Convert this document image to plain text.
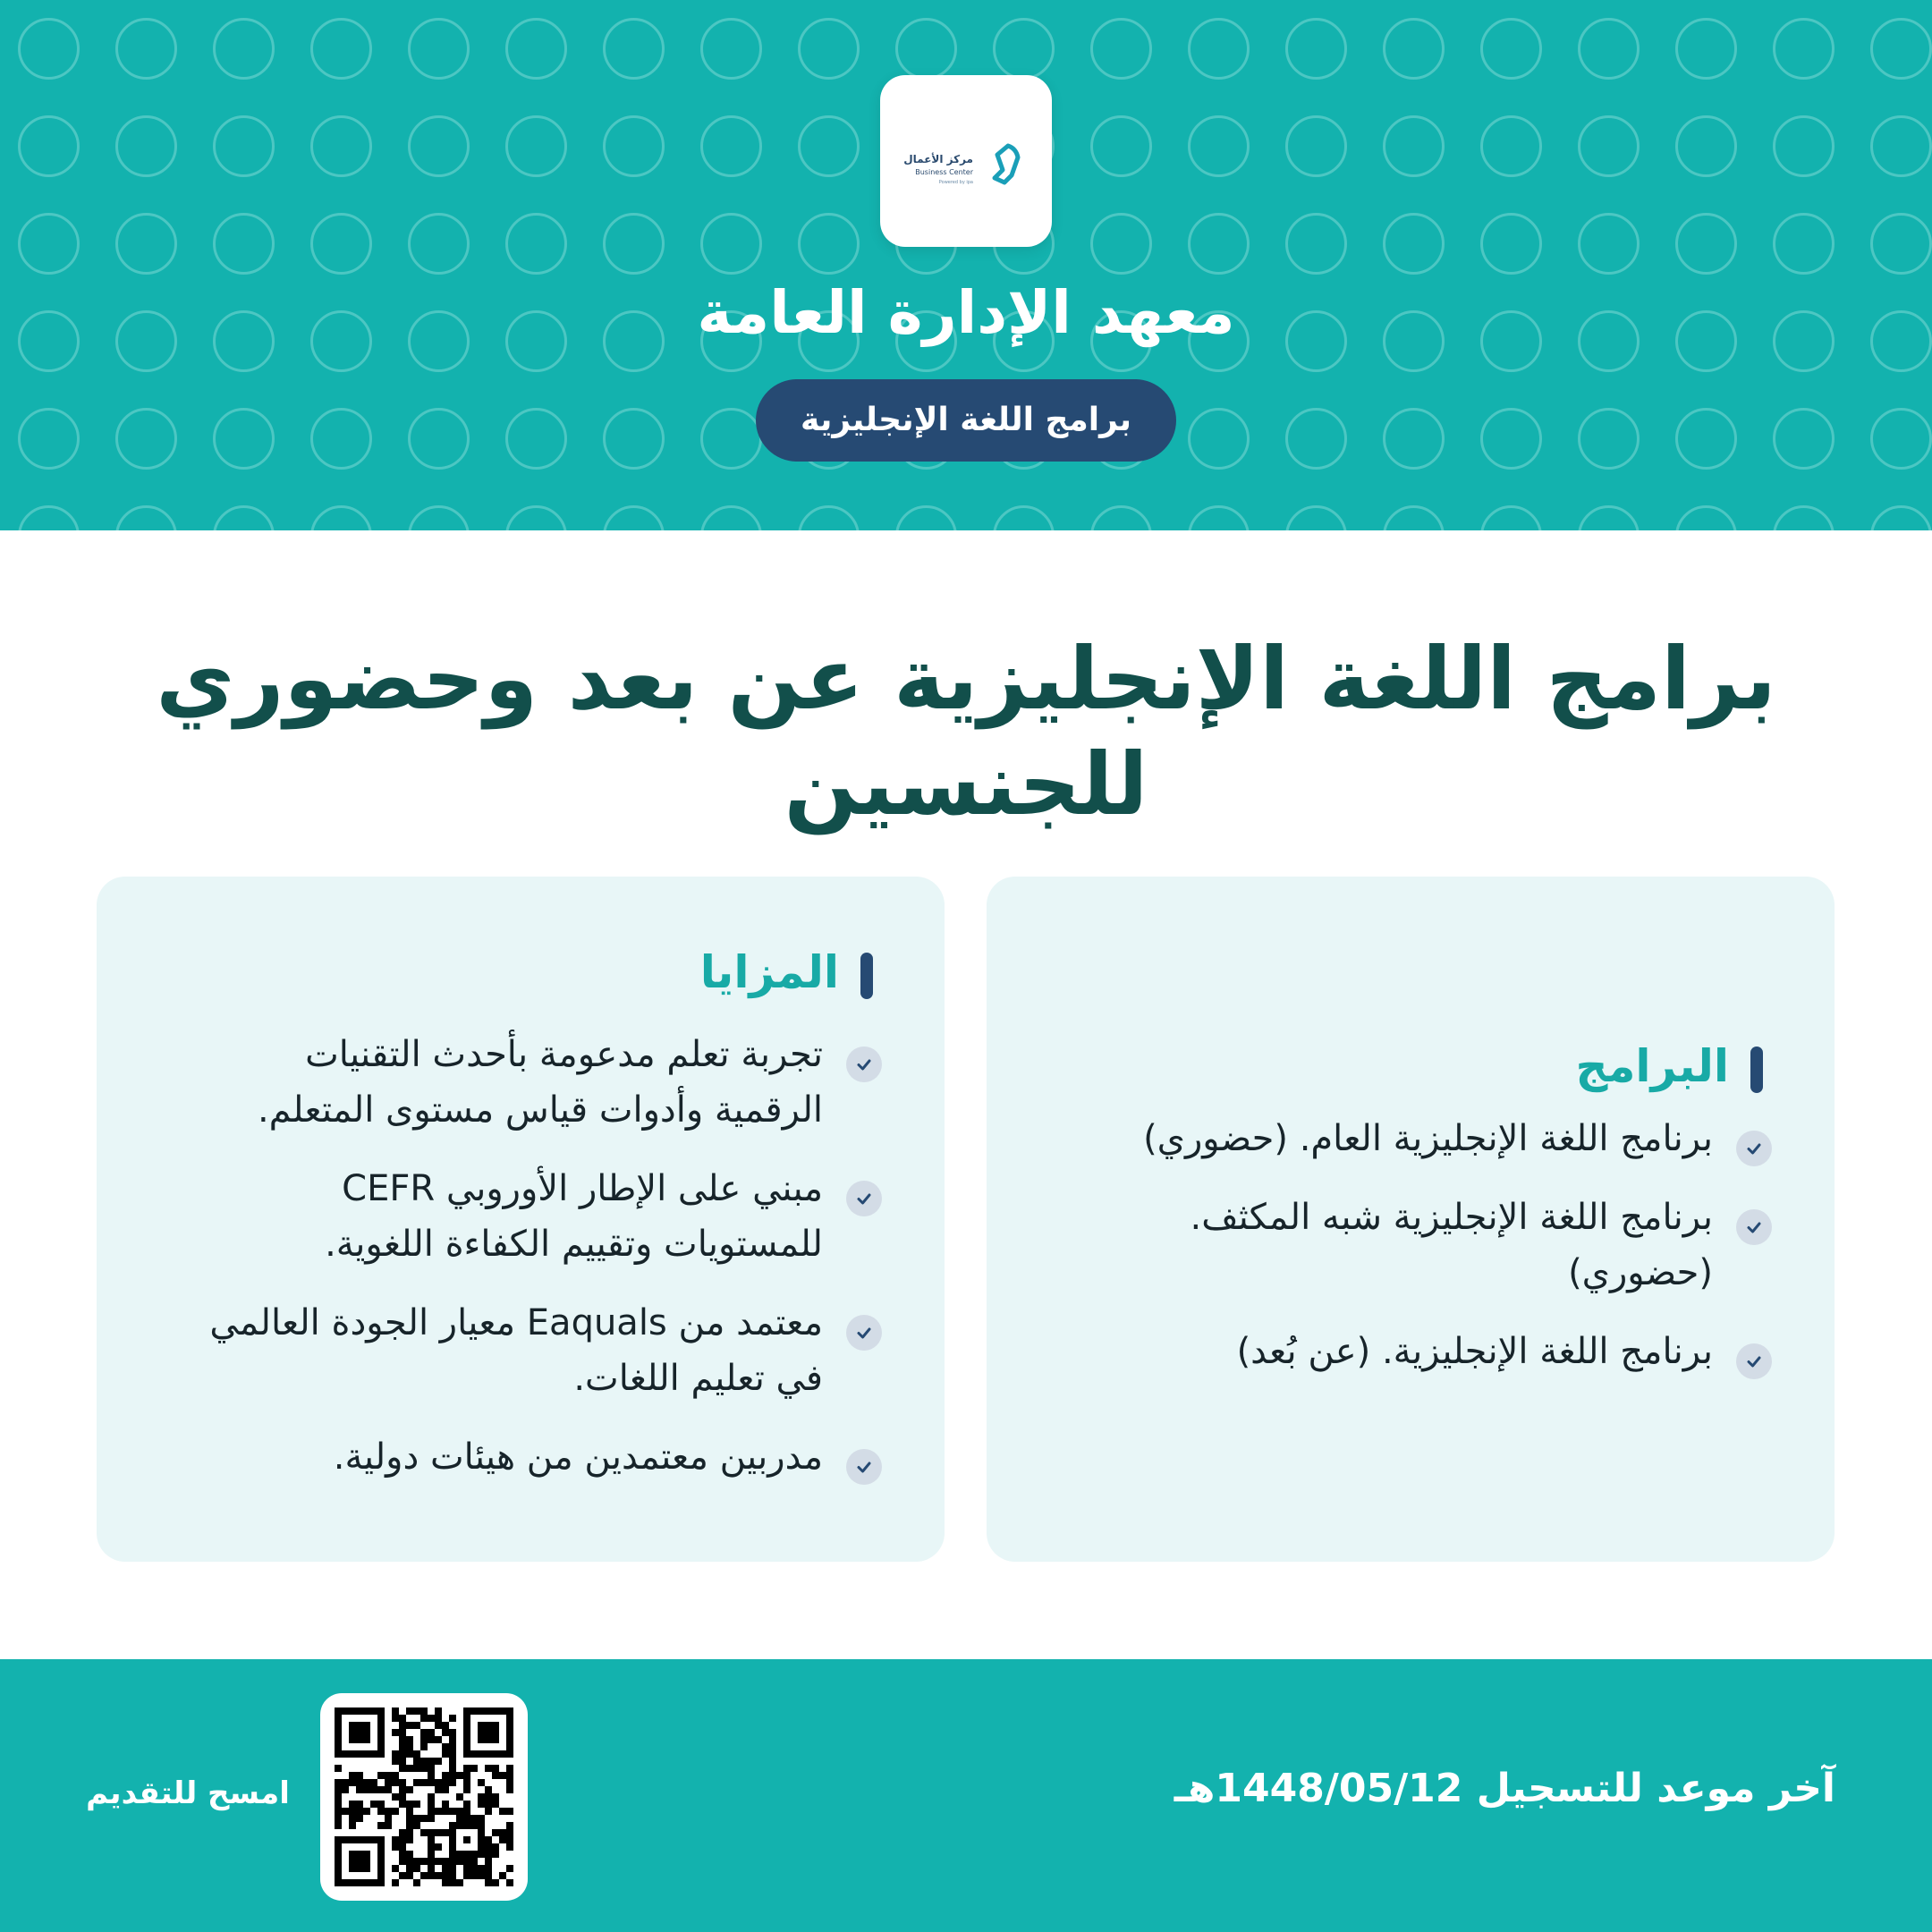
مركز الأعمال
Business Center
Powered by ipa
معهد الإدارة العامة
برامج اللغة الإنجليزية
برامج اللغة الإنجليزية عن بعد وحضوري
للجنسين
البرامج
برنامج اللغة الإنجليزية العام. (حضوري)
برنامج اللغة الإنجليزية شبه المكثف. (حضوري)
برنامج اللغة الإنجليزية. (عن بُعد)
المزايا
تجربة تعلم مدعومة بأحدث التقنيات الرقمية وأدوات قياس مستوى المتعلم.
مبني على الإطار الأوروبي CEFR للمستويات وتقييم الكفاءة اللغوية.
معتمد من Eaquals معيار الجودة العالمي في تعليم اللغات.
مدربين معتمدين من هيئات دولية.
آخر موعد للتسجيل 1448/05/12هـ
امسح للتقديم
